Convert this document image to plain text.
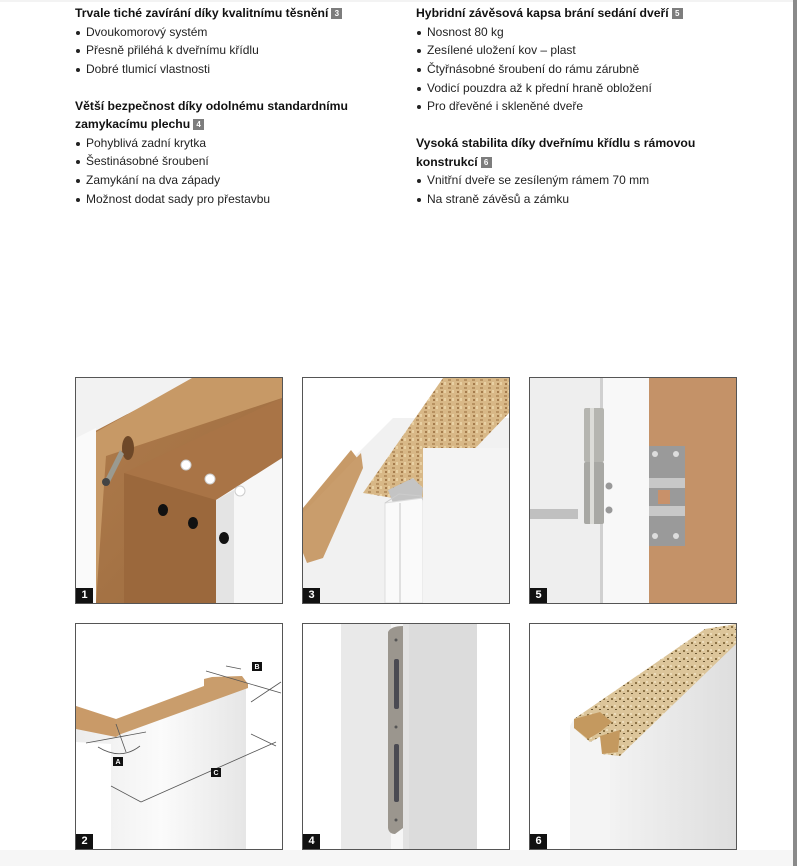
Trvale tiché zavírání díky kvalitnímu těsnění 3
Dvoukomorový systém
Přesně přiléhá k dveřnímu křídlu
Dobré tlumicí vlastnosti
Větší bezpečnost díky odolnému standardnímu zamykacímu plechu 4
Pohyblivá zadní krytka
Šestinásobné šroubení
Zamykání na dva západy
Možnost dodat sady pro přestavbu
Hybridní závěsová kapsa brání sedání dveří 5
Nosnost 80 kg
Zesílené uložení kov – plast
Čtyřnásobné šroubení do rámu zárubně
Vodicí pouzdra až k přední hraně obložení
Pro dřevěné i skleněné dveře
Vysoká stabilita díky dveřnímu křídlu s rámovou konstrukcí 6
Vnitřní dveře se zesíleným rámem 70 mm
Na straně závěsů a zámku
1	3	5
A
B
C
2	4	6
